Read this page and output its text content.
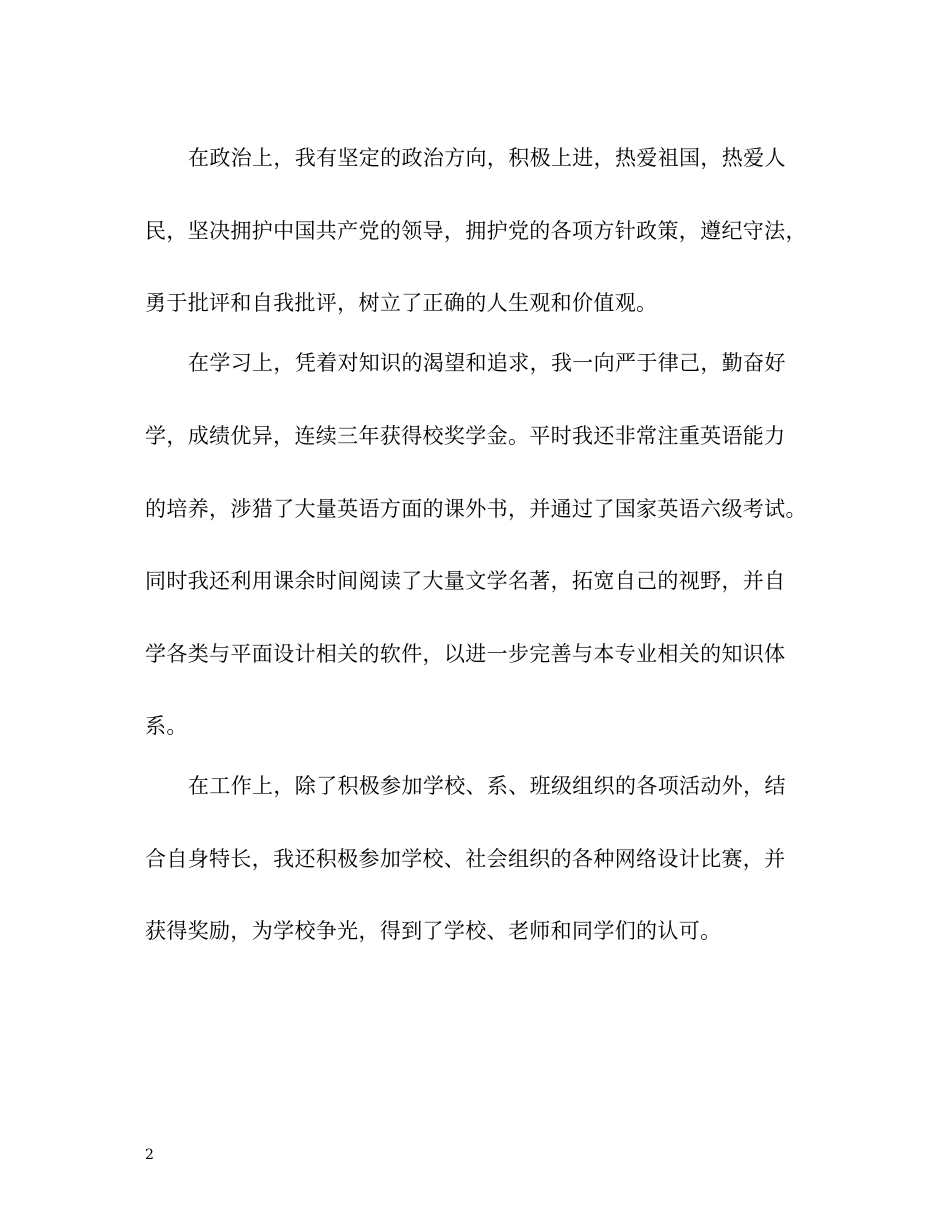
在政治上，我有坚定的政治方向，积极上进，热爱祖国，热爱人
民，坚决拥护中国共产党的领导，拥护党的各项方针政策，遵纪守法，
勇于批评和自我批评，树立了正确的人生观和价值观。
在学习上，凭着对知识的渴望和追求，我一向严于律己，勤奋好
学，成绩优异，连续三年获得校奖学金。平时我还非常注重英语能力
的培养，涉猎了大量英语方面的课外书，并通过了国家英语六级考试。
同时我还利用课余时间阅读了大量文学名著，拓宽自己的视野，并自
学各类与平面设计相关的软件，以进一步完善与本专业相关的知识体
系。
在工作上，除了积极参加学校、系、班级组织的各项活动外，结
合自身特长，我还积极参加学校、社会组织的各种网络设计比赛，并
获得奖励，为学校争光，得到了学校、老师和同学们的认可。
2
